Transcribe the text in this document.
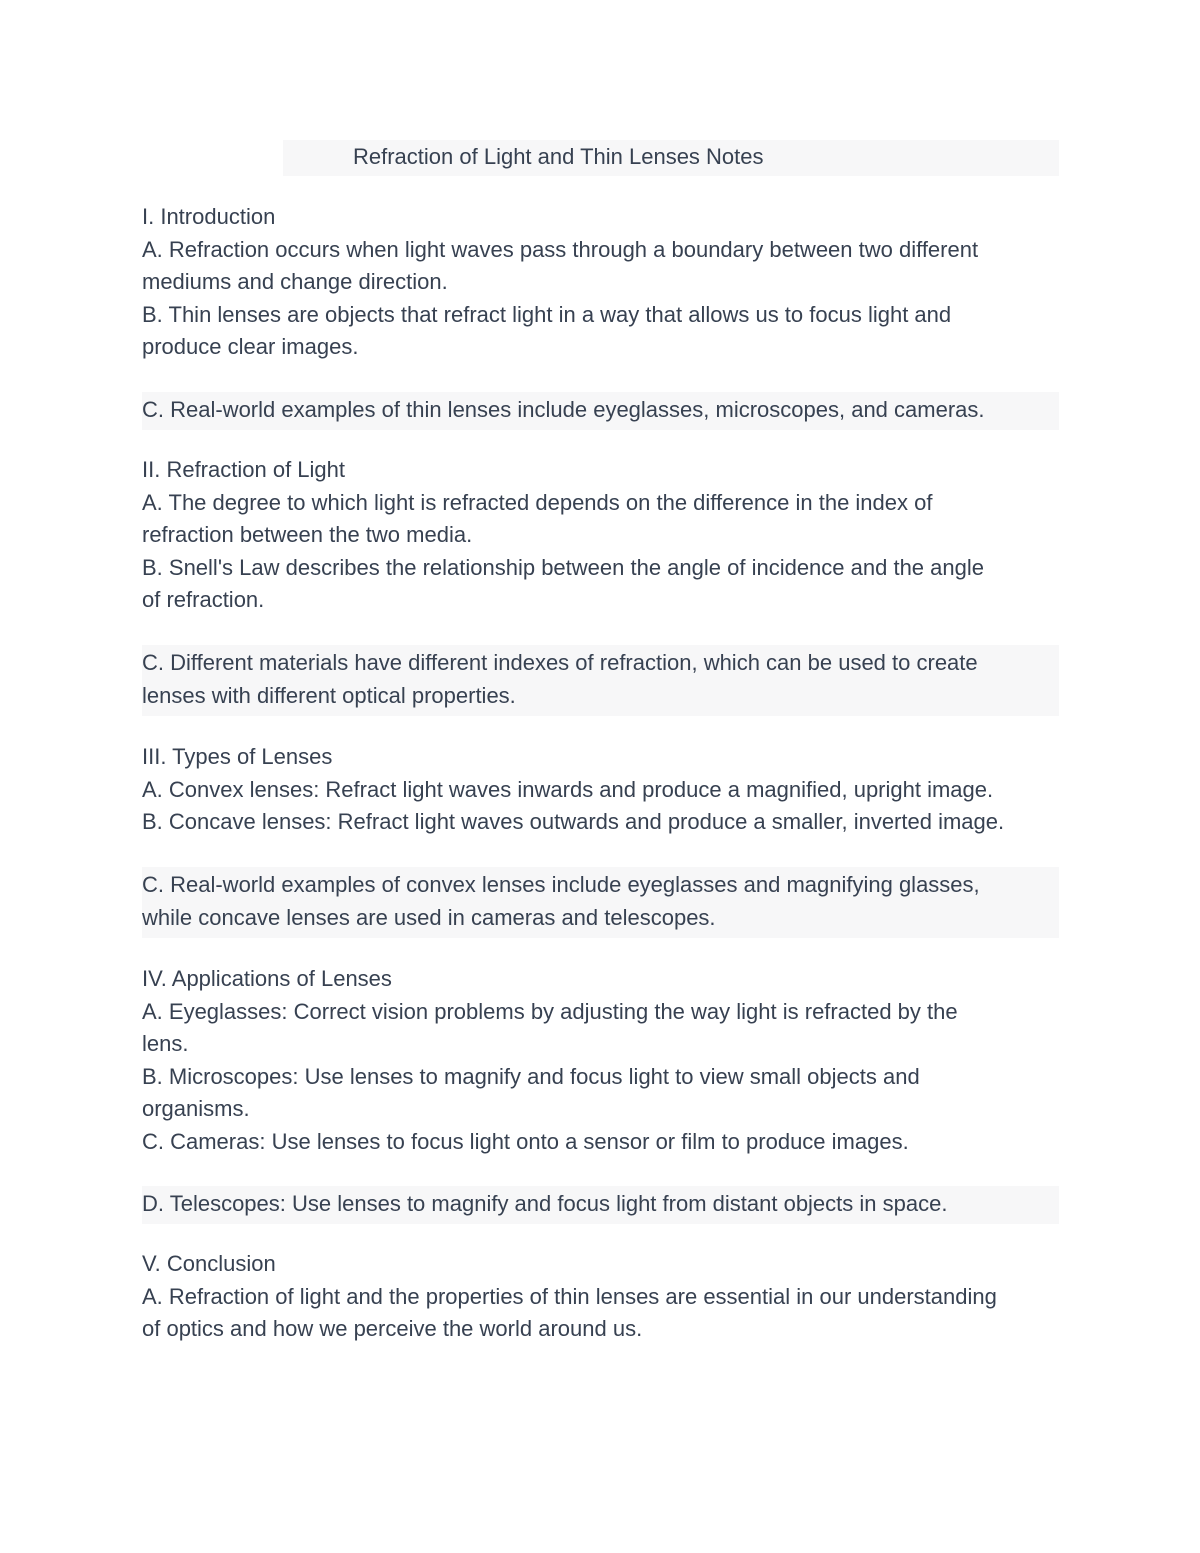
Refraction of Light and Thin Lenses Notes
I. Introduction
A. Refraction occurs when light waves pass through a boundary between two different
mediums and change direction.
B. Thin lenses are objects that refract light in a way that allows us to focus light and
produce clear images.
C. Real-world examples of thin lenses include eyeglasses, microscopes, and cameras.
II. Refraction of Light
A. The degree to which light is refracted depends on the difference in the index of
refraction between the two media.
B. Snell's Law describes the relationship between the angle of incidence and the angle
of refraction.
C. Different materials have different indexes of refraction, which can be used to create
lenses with different optical properties.
III. Types of Lenses
A. Convex lenses: Refract light waves inwards and produce a magnified, upright image.
B. Concave lenses: Refract light waves outwards and produce a smaller, inverted image.
C. Real-world examples of convex lenses include eyeglasses and magnifying glasses,
while concave lenses are used in cameras and telescopes.
IV. Applications of Lenses
A. Eyeglasses: Correct vision problems by adjusting the way light is refracted by the
lens.
B. Microscopes: Use lenses to magnify and focus light to view small objects and
organisms.
C. Cameras: Use lenses to focus light onto a sensor or film to produce images.
D. Telescopes: Use lenses to magnify and focus light from distant objects in space.
V. Conclusion
A. Refraction of light and the properties of thin lenses are essential in our understanding
of optics and how we perceive the world around us.
